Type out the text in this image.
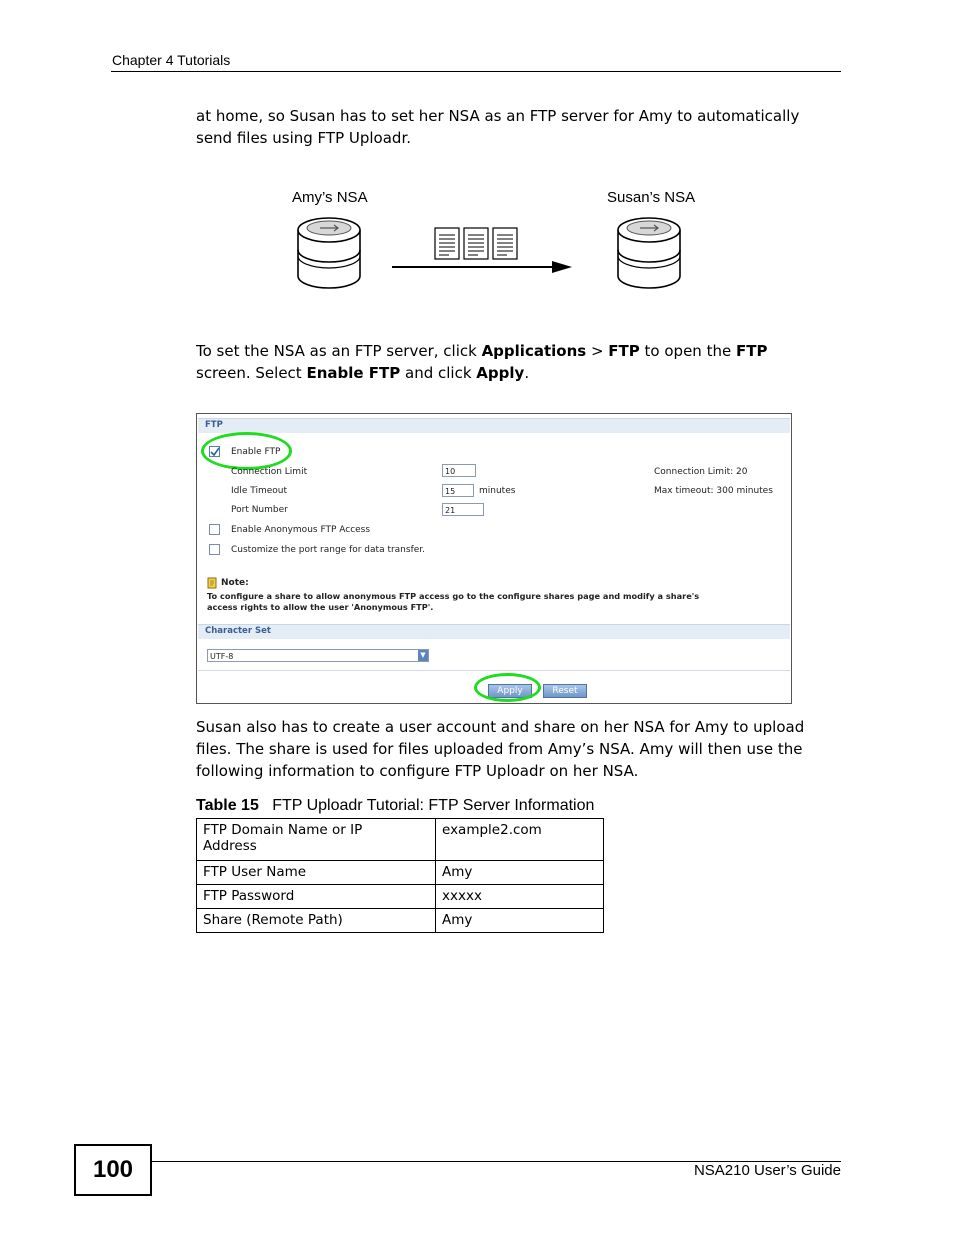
Chapter 4 Tutorials
at home, so Susan has to set her NSA as an FTP server for Amy to automatically
send files using FTP Uploadr.
Amy’s NSA	Susan’s NSA
To set the NSA as an FTP server, click Applications > FTP to open the FTP
screen. Select Enable FTP and click Apply.
FTP
Enable FTP
Connection Limit	10	Connection Limit: 20
Idle Timeout	15	minutes	Max timeout: 300 minutes
Port Number	21
Enable Anonymous FTP Access
Customize the port range for data transfer.
Note:
To configure a share to allow anonymous FTP access go to the configure shares page and modify a share's
access rights to allow the user 'Anonymous FTP'.
Character Set
UTF-8	▼
Apply	Reset
Susan also has to create a user account and share on her NSA for Amy to upload
files. The share is used for files uploaded from Amy’s NSA. Amy will then use the
following information to configure FTP Uploadr on her NSA.
Table 15 FTP Uploadr Tutorial: FTP Server Information
FTP Domain Name or IP
Address	example2.com
FTP User Name	Amy
FTP Password	xxxxx
Share (Remote Path)	Amy
100	NSA210 User’s Guide
